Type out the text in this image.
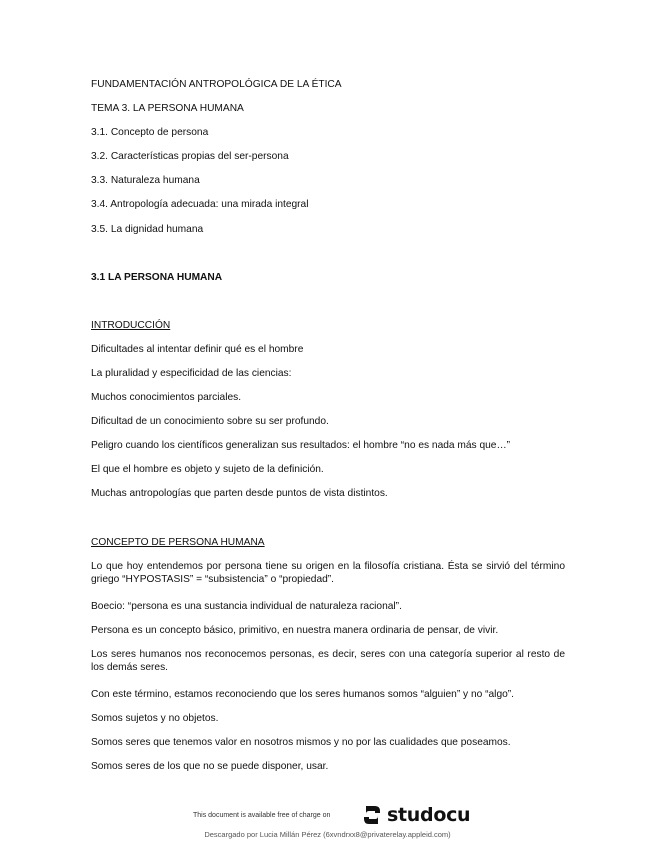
FUNDAMENTACIÓN ANTROPOLÓGICA DE LA ÉTICA

TEMA 3. LA PERSONA HUMANA

3.1. Concepto de persona

3.2. Características propias del ser-persona

3.3. Naturaleza humana

3.4. Antropología adecuada: una mirada integral

3.5. La dignidad humana

3.1 LA PERSONA HUMANA

INTRODUCCIÓN

Dificultades al intentar definir qué es el hombre

La pluralidad y especificidad de las ciencias:

Muchos conocimientos parciales.

Dificultad de un conocimiento sobre su ser profundo.

Peligro cuando los científicos generalizan sus resultados: el hombre “no es nada más que…”

El que el hombre es objeto y sujeto de la definición.

Muchas antropologías que parten desde puntos de vista distintos.

CONCEPTO DE PERSONA HUMANA

Lo que hoy entendemos por persona tiene su origen en la filosofía cristiana. Ésta se sirvió del término griego “HYPOSTASIS” = “subsistencia” o “propiedad”.

Boecio: “persona es una sustancia individual de naturaleza racional”.

Persona es un concepto básico, primitivo, en nuestra manera ordinaria de pensar, de vivir.

Los seres humanos nos reconocemos personas, es decir, seres con una categoría superior al resto de los demás seres.

Con este término, estamos reconociendo que los seres humanos somos “alguien” y no “algo”.

Somos sujetos y no objetos.

Somos seres que tenemos valor en nosotros mismos y no por las cualidades que poseamos.

Somos seres de los que no se puede disponer, usar.

This document is available free of charge on	studocu
Descargado por Lucia Millán Pérez (6xvndrxx8@privaterelay.appleid.com)
